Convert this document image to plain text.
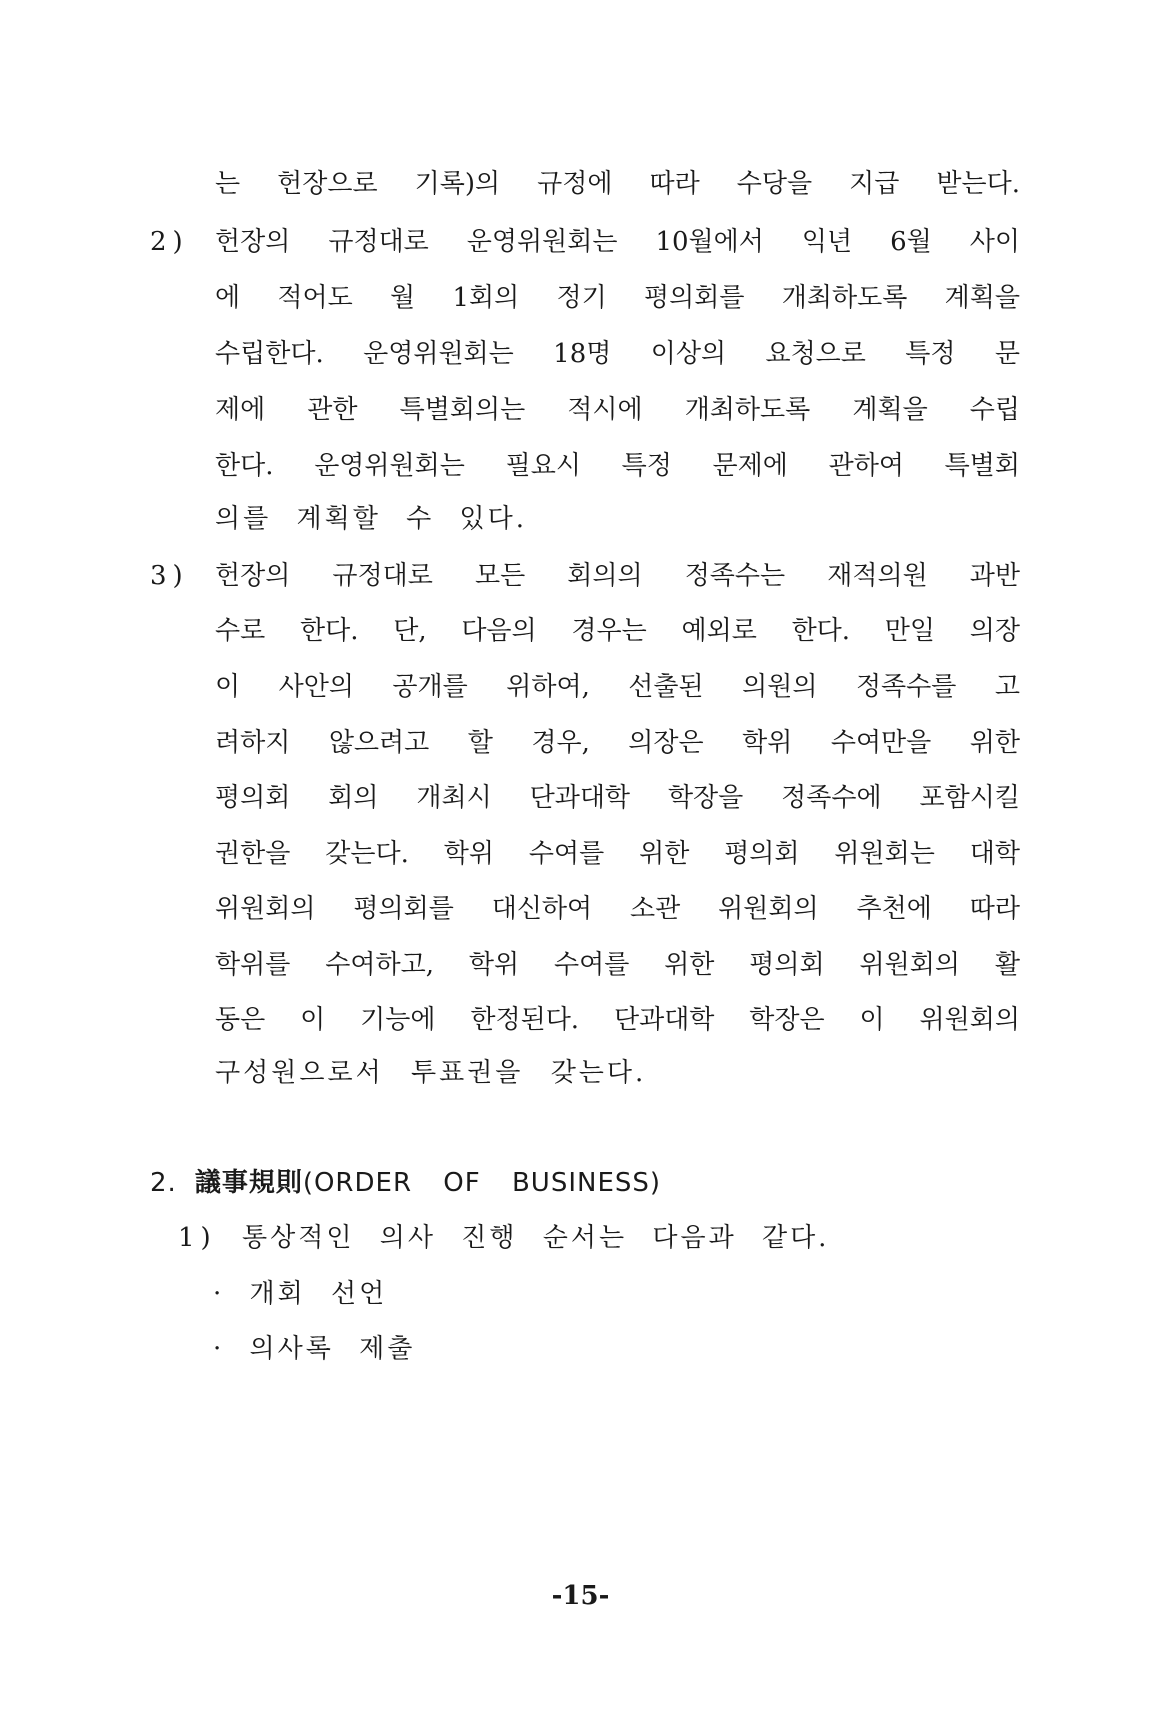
는 헌장으로 기록)의 규정에 따라 수당을 지급 받는다.
2) 헌장의 규정대로 운영위원회는 10월에서 익년 6월 사이
에 적어도 월 1회의 정기 평의회를 개최하도록 계획을
수립한다. 운영위원회는 18명 이상의 요청으로 특정 문
제에 관한 특별회의는 적시에 개최하도록 계획을 수립
한다. 운영위원회는 필요시 특정 문제에 관하여 특별회
의를 계획할 수 있다.
3) 헌장의 규정대로 모든 회의의 정족수는 재적의원 과반
수로 한다. 단, 다음의 경우는 예외로 한다. 만일 의장
이 사안의 공개를 위하여, 선출된 의원의 정족수를 고
려하지 않으려고 할 경우, 의장은 학위 수여만을 위한
평의회 회의 개최시 단과대학 학장을 정족수에 포함시킬
권한을 갖는다. 학위 수여를 위한 평의회 위원회는 대학
위원회의 평의회를 대신하여 소관 위원회의 추천에 따라
학위를 수여하고, 학위 수여를 위한 평의회 위원회의 활
동은 이 기능에 한정된다. 단과대학 학장은 이 위원회의
구성원으로서 투표권을 갖는다.
2. 議事規則(ORDER OF BUSINESS)
1) 통상적인 의사 진행 순서는 다음과 같다.
· 개회 선언
· 의사록 제출
-15-
